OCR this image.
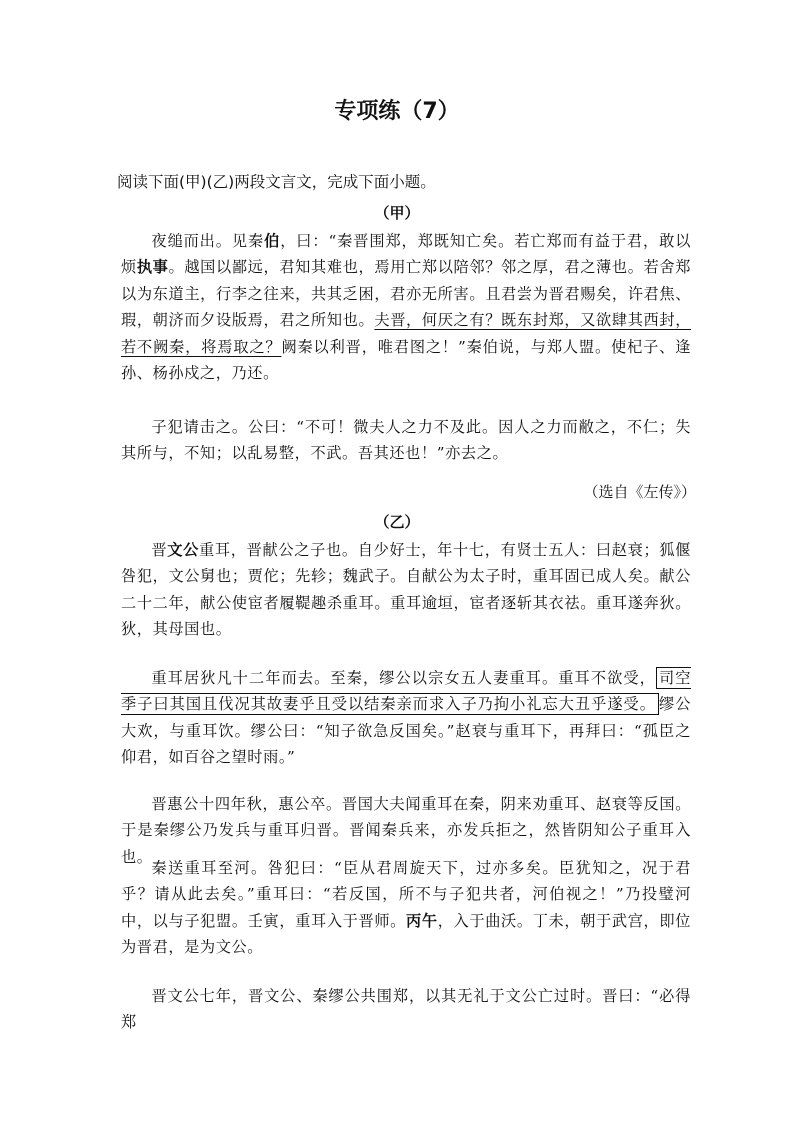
专项练（7）
阅读下面(甲)(乙)两段文言文，完成下面小题。
（甲）
夜缒而出。见秦伯，曰：“秦晋围郑，郑既知亡矣。若亡郑而有益于君，敢以烦执事。越国以鄙远，君知其难也，焉用亡郑以陪邻？邻之厚，君之薄也。若舍郑以为东道主，行李之往来，共其乏困，君亦无所害。且君尝为晋君赐矣，许君焦、瑕，朝济而夕设版焉，君之所知也。夫晋，何厌之有？既东封郑，又欲肆其西封，若不阙秦，将焉取之？阙秦以利晋，唯君图之！”秦伯说，与郑人盟。使杞子、逢孙、杨孙戍之，乃还。
子犯请击之。公曰：“不可！微夫人之力不及此。因人之力而敝之，不仁；失其所与，不知；以乱易整，不武。吾其还也！”亦去之。
（选自《左传》）
（乙）
晋文公重耳，晋献公之子也。自少好士，年十七，有贤士五人：曰赵衰；狐偃咎犯，文公舅也；贾佗；先轸；魏武子。自献公为太子时，重耳固已成人矣。献公二十二年，献公使宦者履鞮趣杀重耳。重耳逾垣，宦者逐斩其衣祛。重耳遂奔狄。狄，其母国也。
重耳居狄凡十二年而去。至秦，缪公以宗女五人妻重耳。重耳不欲受， 司空季子曰其国且伐况其故妻乎且受以结秦亲而求入子乃拘小礼忘大丑乎遂受。 缪公大欢，与重耳饮。缪公曰：“知子欲急反国矣。”赵衰与重耳下，再拜曰：“孤臣之仰君，如百谷之望时雨。”
晋惠公十四年秋，惠公卒。晋国大夫闻重耳在秦，阴来劝重耳、赵衰等反国。于是秦缪公乃发兵与重耳归晋。晋闻秦兵来，亦发兵拒之，然皆阴知公子重耳入也。
秦送重耳至河。咎犯曰：“臣从君周旋天下，过亦多矣。臣犹知之，况于君乎？请从此去矣。”重耳曰：“若反国，所不与子犯共者，河伯视之！”乃投璧河中，以与子犯盟。壬寅，重耳入于晋师。丙午，入于曲沃。丁未，朝于武宫，即位为晋君，是为文公。
晋文公七年，晋文公、秦缪公共围郑，以其无礼于文公亡过时。晋曰：“必得郑
